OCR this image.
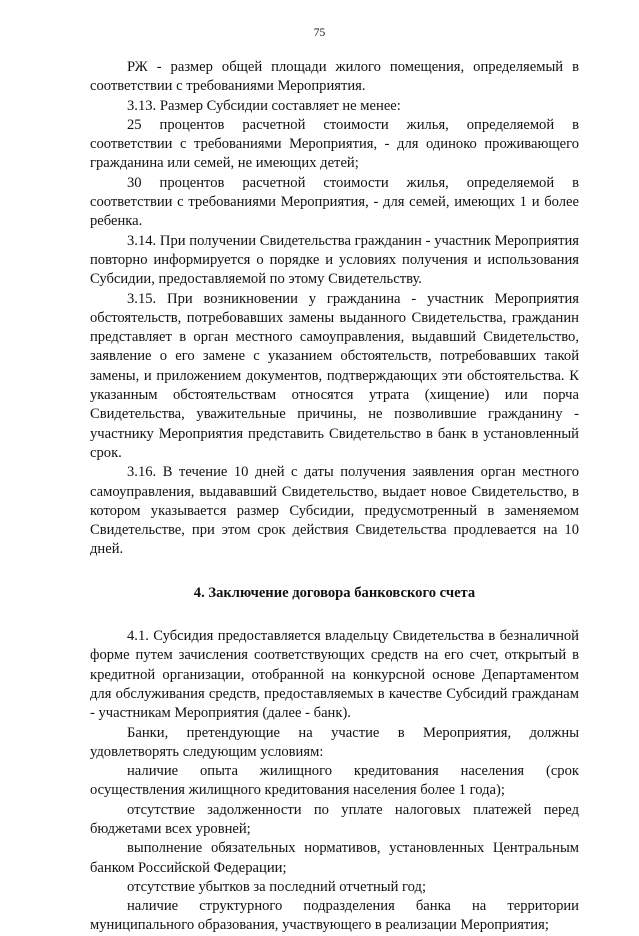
75

РЖ - размер общей площади жилого помещения, определяемый в соответствии с требованиями Мероприятия.

3.13. Размер Субсидии составляет не менее:

25 процентов расчетной стоимости жилья, определяемой в соответствии с требованиями Мероприятия, - для одиноко проживающего гражданина или семей, не имеющих детей;

30 процентов расчетной стоимости жилья, определяемой в соответствии с требованиями Мероприятия, - для семей, имеющих 1 и более ребенка.

3.14. При получении Свидетельства гражданин - участник Мероприятия повторно информируется о порядке и условиях получения и использования Субсидии, предоставляемой по этому Свидетельству.

3.15. При возникновении у гражданина - участник Мероприятия обстоятельств, потребовавших замены выданного Свидетельства, гражданин представляет в орган местного самоуправления, выдавший Свидетельство, заявление о его замене с указанием обстоятельств, потребовавших такой замены, и приложением документов, подтверждающих эти обстоятельства. К указанным обстоятельствам относятся утрата (хищение) или порча Свидетельства, уважительные причины, не позволившие гражданину - участнику Мероприятия представить Свидетельство в банк в установленный срок.

3.16. В течение 10 дней с даты получения заявления орган местного самоуправления, выдававший Свидетельство, выдает новое Свидетельство, в котором указывается размер Субсидии, предусмотренный в заменяемом Свидетельстве, при этом срок действия Свидетельства продлевается на 10 дней.

4. Заключение договора банковского счета

4.1. Субсидия предоставляется владельцу Свидетельства в безналичной форме путем зачисления соответствующих средств на его счет, открытый в кредитной организации, отобранной на конкурсной основе Департаментом для обслуживания средств, предоставляемых в качестве Субсидий гражданам - участникам Мероприятия (далее - банк).

Банки, претендующие на участие в Мероприятия, должны удовлетворять следующим условиям:

наличие опыта жилищного кредитования населения (срок осуществления жилищного кредитования населения более 1 года);

отсутствие задолженности по уплате налоговых платежей перед бюджетами всех уровней;

выполнение обязательных нормативов, установленных Центральным банком Российской Федерации;

отсутствие убытков за последний отчетный год;

наличие структурного подразделения банка на территории муниципального образования, участвующего в реализации Мероприятия;
